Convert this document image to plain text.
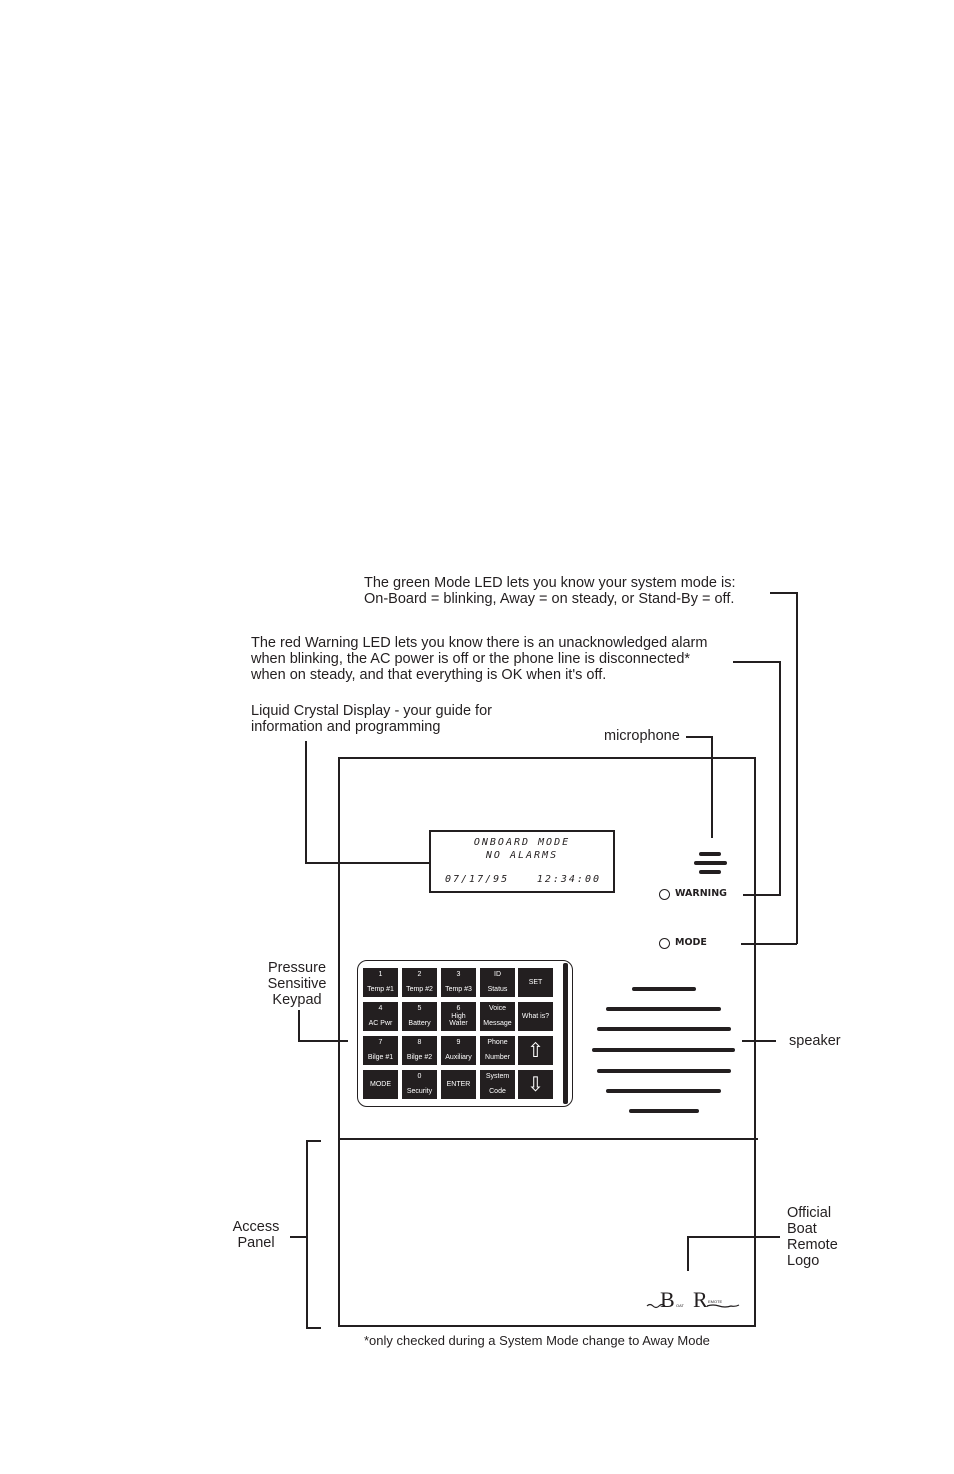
The green Mode LED lets you know your system mode is:
On-Board = blinking, Away = on steady, or Stand-By = off.
The red Warning LED lets you know there is an unacknowledged alarm
when blinking, the AC power is off or the phone line is disconnected*
when on steady, and that everything is OK when it's off.
Liquid Crystal Display - your guide for
information and programming
microphone
Pressure
Sensitive
Keypad
speaker
Access
Panel
Official
Boat
Remote
Logo
*only checked during a System Mode change to Away Mode
ONBOARD MODE
NO ALARMS
07/17/95	12:34:00
WARNING
MODE
1
Temp #1
2
Temp #2
3
Temp #3
ID
Status
SET
4
AC Pwr
5
Battery
6
High
Water
Voice
Message
What is?
7
Bilge #1
8
Bilge #2
9
Auxiliary
Phone
Number ⇧
MODE
0
Security
ENTER
System
Code	⇩
B OAT R EMOTE
